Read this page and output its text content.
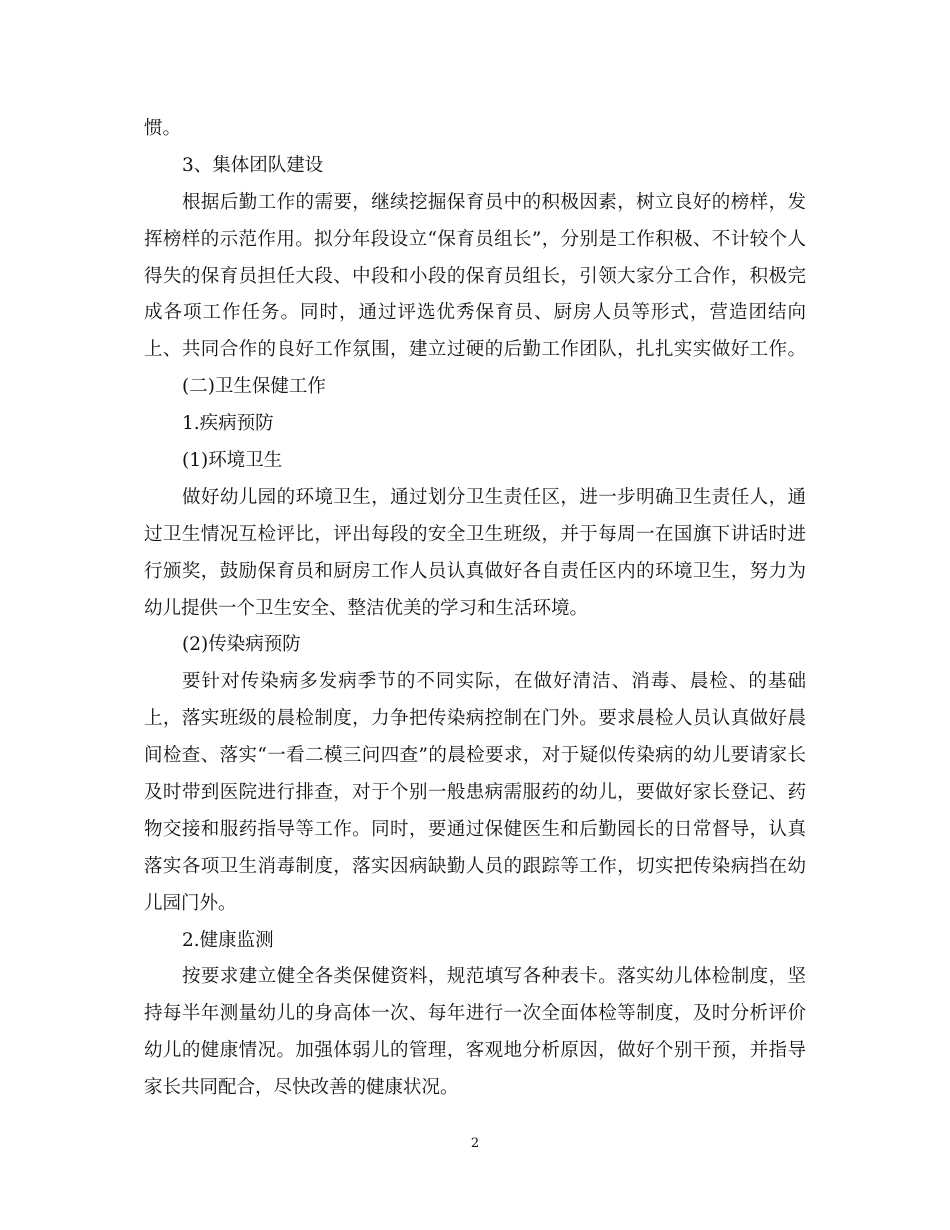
惯。
3、集体团队建设
根据后勤工作的需要，继续挖掘保育员中的积极因素，树立良好的榜样，发
挥榜样的示范作用。拟分年段设立“保育员组长”，分别是工作积极、不计较个人
得失的保育员担任大段、中段和小段的保育员组长，引领大家分工合作，积极完
成各项工作任务。同时，通过评选优秀保育员、厨房人员等形式，营造团结向
上、共同合作的良好工作氛围，建立过硬的后勤工作团队，扎扎实实做好工作。
(二)卫生保健工作
1.疾病预防
(1)环境卫生
做好幼儿园的环境卫生，通过划分卫生责任区，进一步明确卫生责任人，通
过卫生情况互检评比，评出每段的安全卫生班级，并于每周一在国旗下讲话时进
行颁奖，鼓励保育员和厨房工作人员认真做好各自责任区内的环境卫生，努力为
幼儿提供一个卫生安全、整洁优美的学习和生活环境。
(2)传染病预防
要针对传染病多发病季节的不同实际，在做好清洁、消毒、晨检、的基础
上，落实班级的晨检制度，力争把传染病控制在门外。要求晨检人员认真做好晨
间检查、落实“一看二模三问四查”的晨检要求，对于疑似传染病的幼儿要请家长
及时带到医院进行排查，对于个别一般患病需服药的幼儿，要做好家长登记、药
物交接和服药指导等工作。同时，要通过保健医生和后勤园长的日常督导，认真
落实各项卫生消毒制度，落实因病缺勤人员的跟踪等工作，切实把传染病挡在幼
儿园门外。
2.健康监测
按要求建立健全各类保健资料，规范填写各种表卡。落实幼儿体检制度，坚
持每半年测量幼儿的身高体一次、每年进行一次全面体检等制度，及时分析评价
幼儿的健康情况。加强体弱儿的管理，客观地分析原因，做好个别干预，并指导
家长共同配合，尽快改善的健康状况。
2
